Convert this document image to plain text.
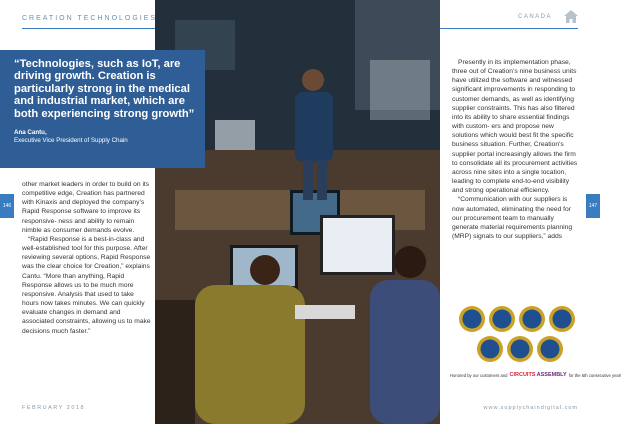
CREATION TECHNOLOGIES	CANADA
“Technologies, such as IoT, are driving growth. Creation is particularly strong in the medical and industrial market, which are both experiencing strong growth”
Ana Cantu,
Executive Vice President of Supply Chain
146	147

other market leaders in order to build on its competitive edge, Creation has partnered with Kinaxis and deployed the company’s Rapid Response software to improve its responsive- ness and ability to remain nimble as consumer demands evolve.

“Rapid Response is a best-in-class and well-established tool for this purpose. After reviewing several options, Rapid Response was the clear choice for Creation,” explains Cantu. “More than anything, Rapid Response allows us to be much more responsive. Analysis that used to take hours now takes minutes. We can quickly evaluate changes in demand and associated constraints, allowing us to make decisions much faster.”

Presently in its implementation phase, three out of Creation’s nine business units have utilized the software and witnessed significant improvements in responding to customer demands, as well as identifying supplier constraints. This has also filtered into its ability to share essential findings with custom- ers and propose new solutions which would best fit the specific business situation. Further, Creation’s supplier portal increasingly allows the firm to consolidate all its procurement activities across nine sites into a single location, leading to complete end-to-end visibility and strong operational efficiency.

“Communication with our suppliers is now automated, eliminating the need for our procurement team to manually generate material requirements planning (MRP) signals to our suppliers,” adds

Honored by our customers and CIRCUITS ASSEMBLY for the 5th consecutive year!
FEBRUARY 2018	www.supplychaindigital.com
